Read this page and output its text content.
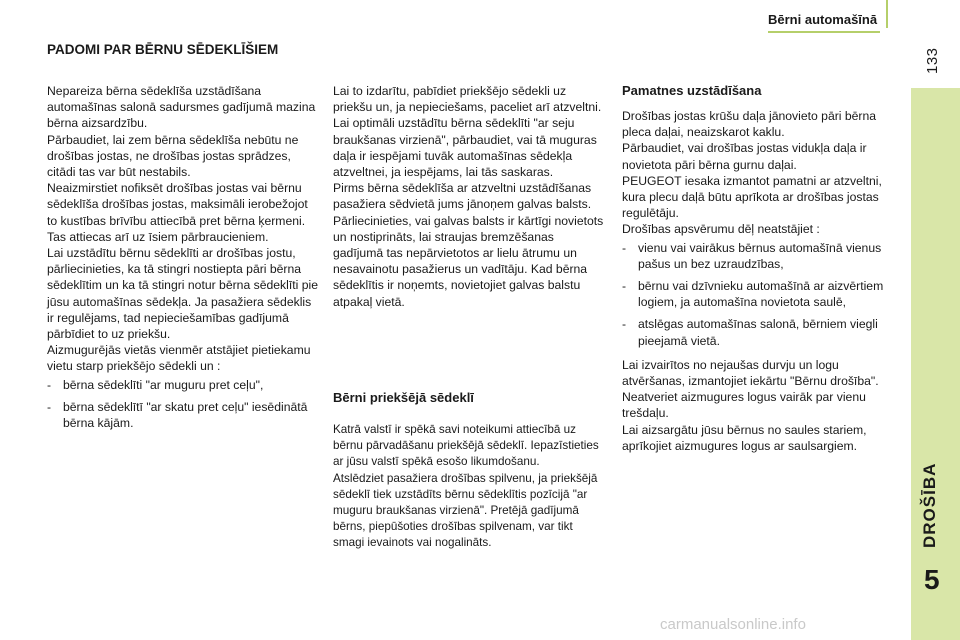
Bērni automašīnā
133
DROŠĪBA
5
PADOMI PAR BĒRNU SĒDEKLĪŠIEM

Nepareiza bērna sēdeklīša uzstādīšana automašīnas salonā sadursmes gadījumā mazina bērna aizsardzību.

Pārbaudiet, lai zem bērna sēdeklīša nebūtu ne drošības jostas, ne drošības jostas sprādzes, citādi tas var būt nestabils.

Neaizmirstiet nofiksēt drošības jostas vai bērnu sēdeklīša drošības jostas, maksimāli ierobežojot to kustības brīvību attiecībā pret bērna ķermeni. Tas attiecas arī uz īsiem pārbraucieniem.

Lai uzstādītu bērnu sēdeklīti ar drošības jostu, pārliecinieties, ka tā stingri nostiepta pāri bērna sēdeklītim un ka tā stingri notur bērna sēdeklīti pie jūsu automašīnas sēdekļa. Ja pasažiera sēdeklis ir regulējams, tad nepieciešamības gadījumā pārbīdiet to uz priekšu.

Aizmugurējās vietās vienmēr atstājiet pietiekamu vietu starp priekšējo sēdekli un :

- bērna sēdeklīti "ar muguru pret ceļu",
- bērna sēdeklītī "ar skatu pret ceļu" iesēdinātā bērna kājām.

Lai to izdarītu, pabīdiet priekšējo sēdekli uz priekšu un, ja nepieciešams, paceliet arī atzveltni.

Lai optimāli uzstādītu bērna sēdeklīti "ar seju braukšanas virzienā", pārbaudiet, vai tā muguras daļa ir iespējami tuvāk automašīnas sēdekļa atzveltnei, ja iespējams, lai tās saskaras.

Pirms bērna sēdeklīša ar atzveltni uzstādīšanas pasažiera sēdvietā jums jānoņem galvas balsts.

Pārliecinieties, vai galvas balsts ir kārtīgi novietots un nostiprināts, lai straujas bremzēšanas gadījumā tas nepārvietotos ar lielu ātrumu un nesavainotu pasažierus un vadītāju. Kad bērna sēdeklītis ir noņemts, novietojiet galvas balstu atpakaļ vietā.

Bērni priekšējā sēdeklī

Katrā valstī ir spēkā savi noteikumi attiecībā uz bērnu pārvadāšanu priekšējā sēdeklī. Iepazīstieties ar jūsu valstī spēkā esošo likumdošanu.

Atslēdziet pasažiera drošības spilvenu, ja priekšējā sēdeklī tiek uzstādīts bērnu sēdeklītis pozīcijā "ar muguru braukšanas virzienā". Pretējā gadījumā bērns, piepūšoties drošības spilvenam, var tikt smagi ievainots vai nogalināts.

Pamatnes uzstādīšana

Drošības jostas krūšu daļa jānovieto pāri bērna pleca daļai, neaizskarot kaklu.

Pārbaudiet, vai drošības jostas vidukļa daļa ir novietota pāri bērna gurnu daļai.

PEUGEOT iesaka izmantot pamatni ar atzveltni, kura plecu daļā būtu aprīkota ar drošības jostas regulētāju.

Drošības apsvērumu dēļ neatstājiet :

- vienu vai vairākus bērnus automašīnā vienus pašus un bez uzraudzības,
- bērnu vai dzīvnieku automašīnā ar aizvērtiem logiem, ja automašīna novietota saulē,
- atslēgas automašīnas salonā, bērniem viegli pieejamā vietā.

Lai izvairītos no nejaušas durvju un logu atvēršanas, izmantojiet iekārtu "Bērnu drošība".

Neatveriet aizmugures logus vairāk par vienu trešdaļu.

Lai aizsargātu jūsu bērnus no saules stariem, aprīkojiet aizmugures logus ar saulsargiem.

carmanualsonline.info
